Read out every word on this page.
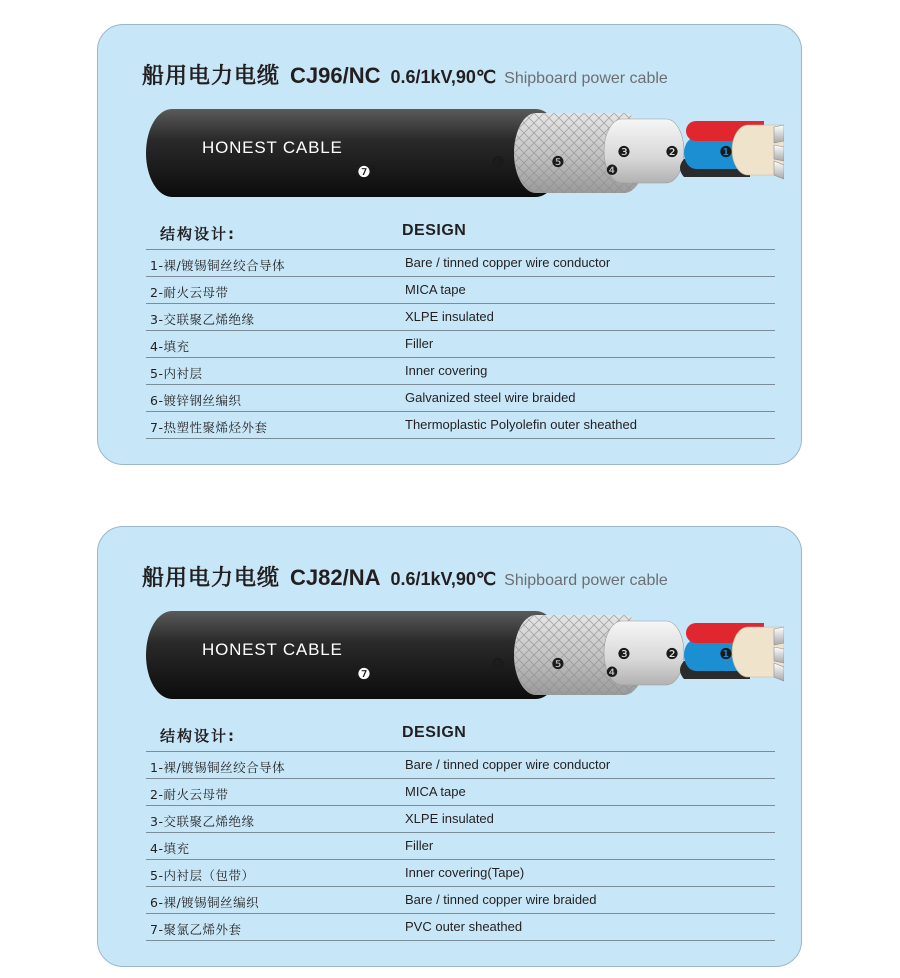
船用电力电缆 CJ96/NC 0.6/1kV,90℃ Shipboard power cable
HONEST CABLE
❼
❻	❺
❸ ❷	❶
❹
结构设计:	DESIGN
1-裸/镀锡铜丝绞合导体	Bare / tinned copper wire conductor
2-耐火云母带	MICA tape
3-交联聚乙烯绝缘	XLPE insulated
4-填充	Filler
5-内衬层	Inner covering
6-镀锌钢丝编织	Galvanized steel wire braided
7-热塑性聚烯烃外套	Thermoplastic Polyolefin outer sheathed
船用电力电缆 CJ82/NA 0.6/1kV,90℃ Shipboard power cable
HONEST CABLE
❼
❻	❺
❸ ❷	❶
❹
结构设计:	DESIGN
1-裸/镀锡铜丝绞合导体	Bare / tinned copper wire conductor
2-耐火云母带	MICA tape
3-交联聚乙烯绝缘	XLPE insulated
4-填充	Filler
5-内衬层（包带）	Inner covering(Tape)
6-裸/镀锡铜丝编织	Bare / tinned copper wire braided
7-聚氯乙烯外套	PVC outer sheathed
